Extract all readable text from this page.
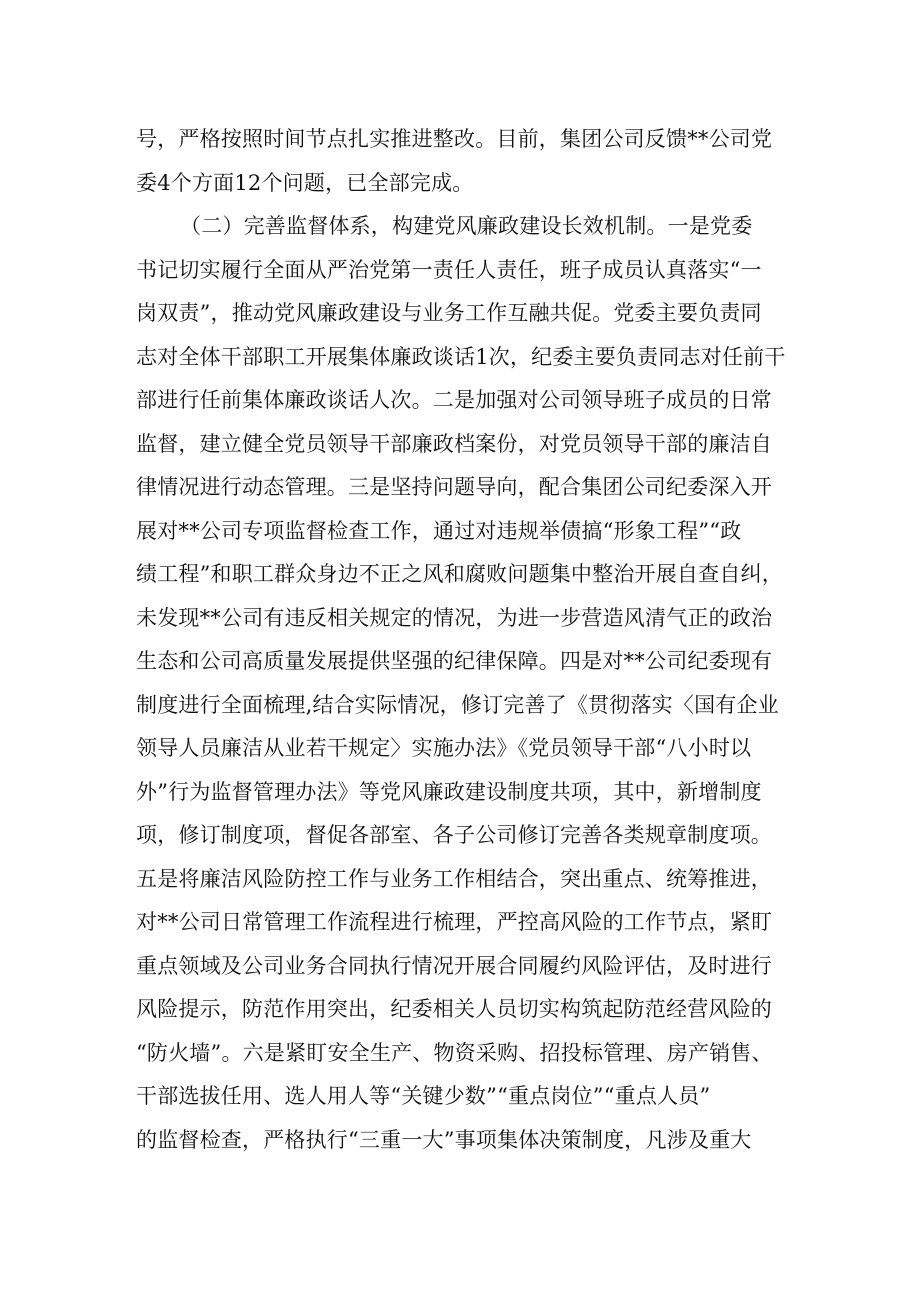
号，严格按照时间节点扎实推进整改。目前，集团公司反馈**公司党
委4个方面12个问题，已全部完成。
（二）完善监督体系，构建党风廉政建设长效机制。一是党委
书记切实履行全面从严治党第一责任人责任，班子成员认真落实“一
岗双责”，推动党风廉政建设与业务工作互融共促。党委主要负责同
志对全体干部职工开展集体廉政谈话1次，纪委主要负责同志对任前干
部进行任前集体廉政谈话人次。二是加强对公司领导班子成员的日常
监督，建立健全党员领导干部廉政档案份，对党员领导干部的廉洁自
律情况进行动态管理。三是坚持问题导向，配合集团公司纪委深入开
展对**公司专项监督检查工作，通过对违规举债搞“形象工程”“政
绩工程”和职工群众身边不正之风和腐败问题集中整治开展自查自纠，
未发现**公司有违反相关规定的情况，为进一步营造风清气正的政治
生态和公司高质量发展提供坚强的纪律保障。四是对**公司纪委现有
制度进行全面梳理,结合实际情况，修订完善了《贯彻落实〈国有企业
领导人员廉洁从业若干规定〉实施办法》《党员领导干部“八小时以
外”行为监督管理办法》等党风廉政建设制度共项，其中，新增制度
项，修订制度项，督促各部室、各子公司修订完善各类规章制度项。
五是将廉洁风险防控工作与业务工作相结合，突出重点、统筹推进，
对**公司日常管理工作流程进行梳理，严控高风险的工作节点，紧盯
重点领域及公司业务合同执行情况开展合同履约风险评估，及时进行
风险提示，防范作用突出，纪委相关人员切实构筑起防范经营风险的
“防火墙”。六是紧盯安全生产、物资采购、招投标管理、房产销售、
干部选拔任用、选人用人等“关键少数”“重点岗位”“重点人员”
的监督检查，严格执行“三重一大”事项集体决策制度，凡涉及重大
